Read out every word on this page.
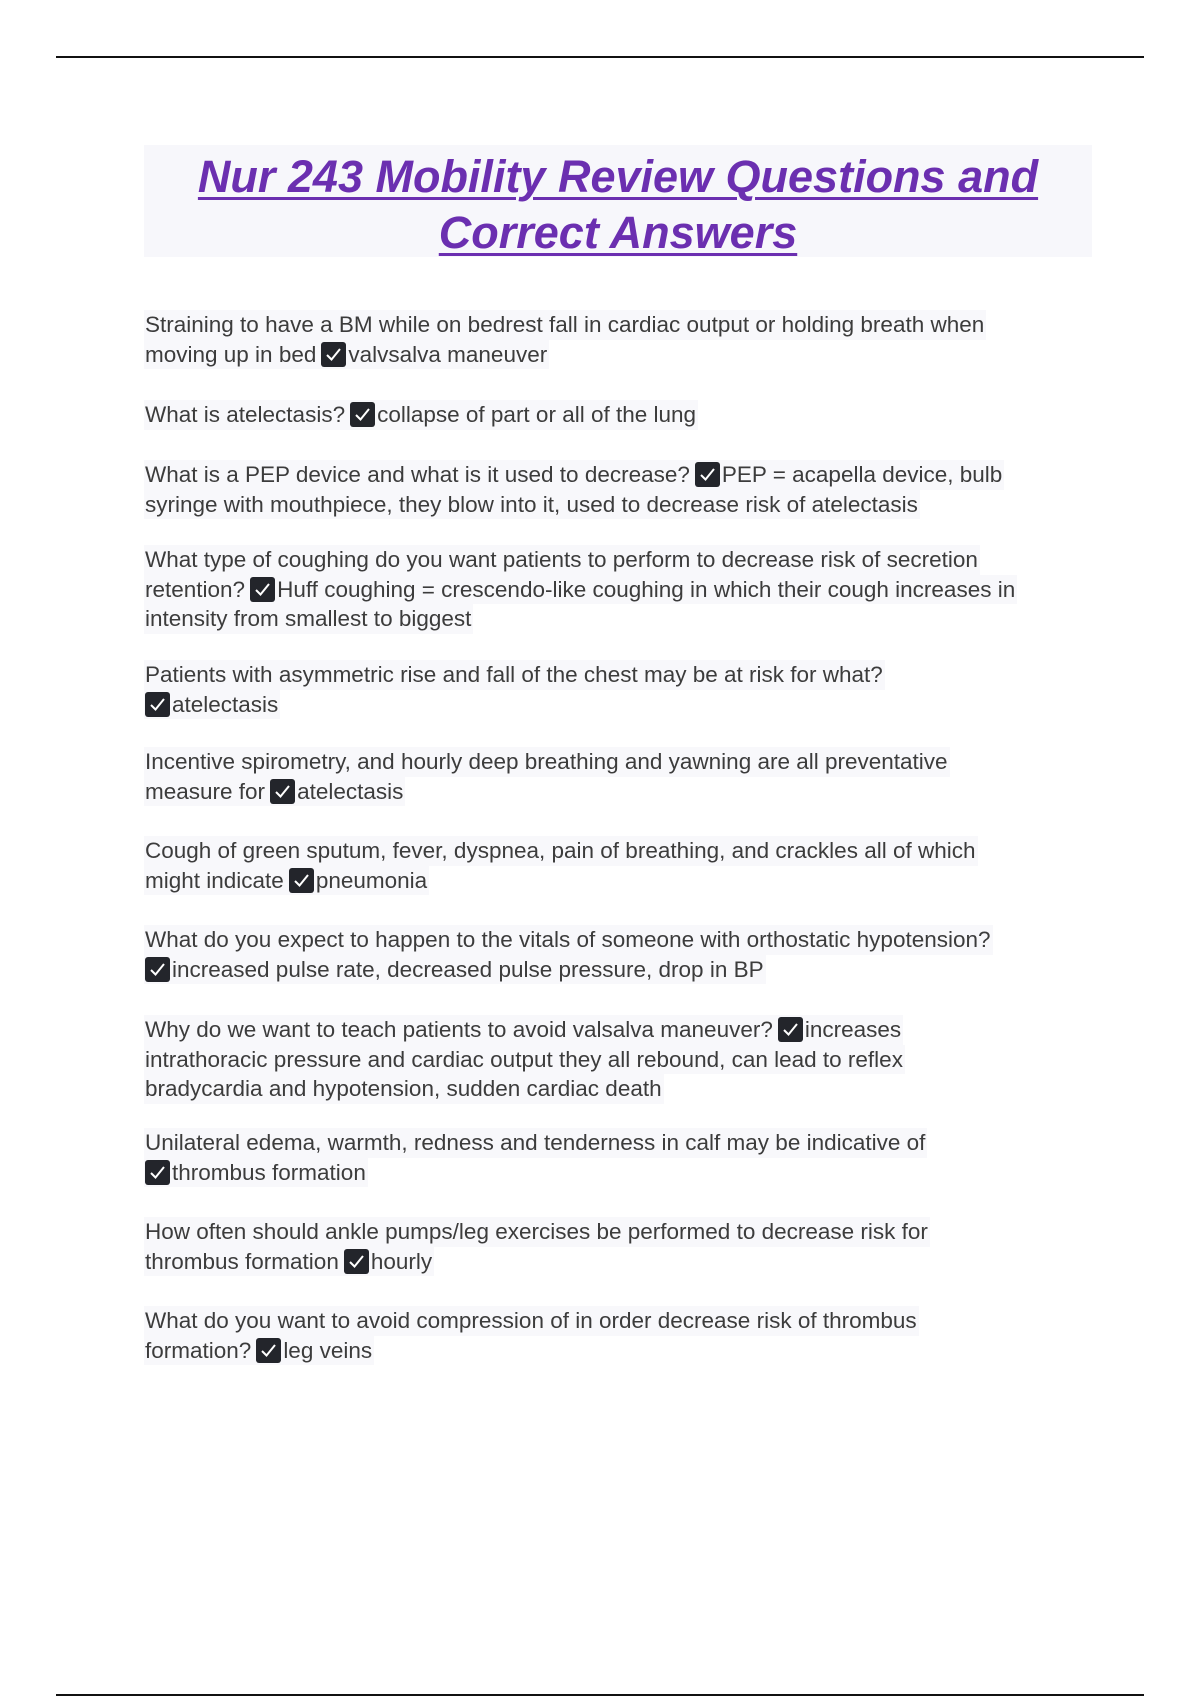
Nur 243 Mobility Review Questions and
Correct Answers
Straining to have a BM while on bedrest fall in cardiac output or holding breath when
moving up in bed valvsalva maneuver
What is atelectasis? collapse of part or all of the lung
What is a PEP device and what is it used to decrease? PEP = acapella device, bulb
syringe with mouthpiece, they blow into it, used to decrease risk of atelectasis
What type of coughing do you want patients to perform to decrease risk of secretion
retention? Huff coughing = crescendo-like coughing in which their cough increases in
intensity from smallest to biggest
Patients with asymmetric rise and fall of the chest may be at risk for what?

atelectasis
Incentive spirometry, and hourly deep breathing and yawning are all preventative
measure for atelectasis
Cough of green sputum, fever, dyspnea, pain of breathing, and crackles all of which
might indicate pneumonia
What do you expect to happen to the vitals of someone with orthostatic hypotension?

increased pulse rate, decreased pulse pressure, drop in BP
Why do we want to teach patients to avoid valsalva maneuver? increases
intrathoracic pressure and cardiac output they all rebound, can lead to reflex
bradycardia and hypotension, sudden cardiac death
Unilateral edema, warmth, redness and tenderness in calf may be indicative of

thrombus formation
How often should ankle pumps/leg exercises be performed to decrease risk for
thrombus formation hourly
What do you want to avoid compression of in order decrease risk of thrombus
formation? leg veins
